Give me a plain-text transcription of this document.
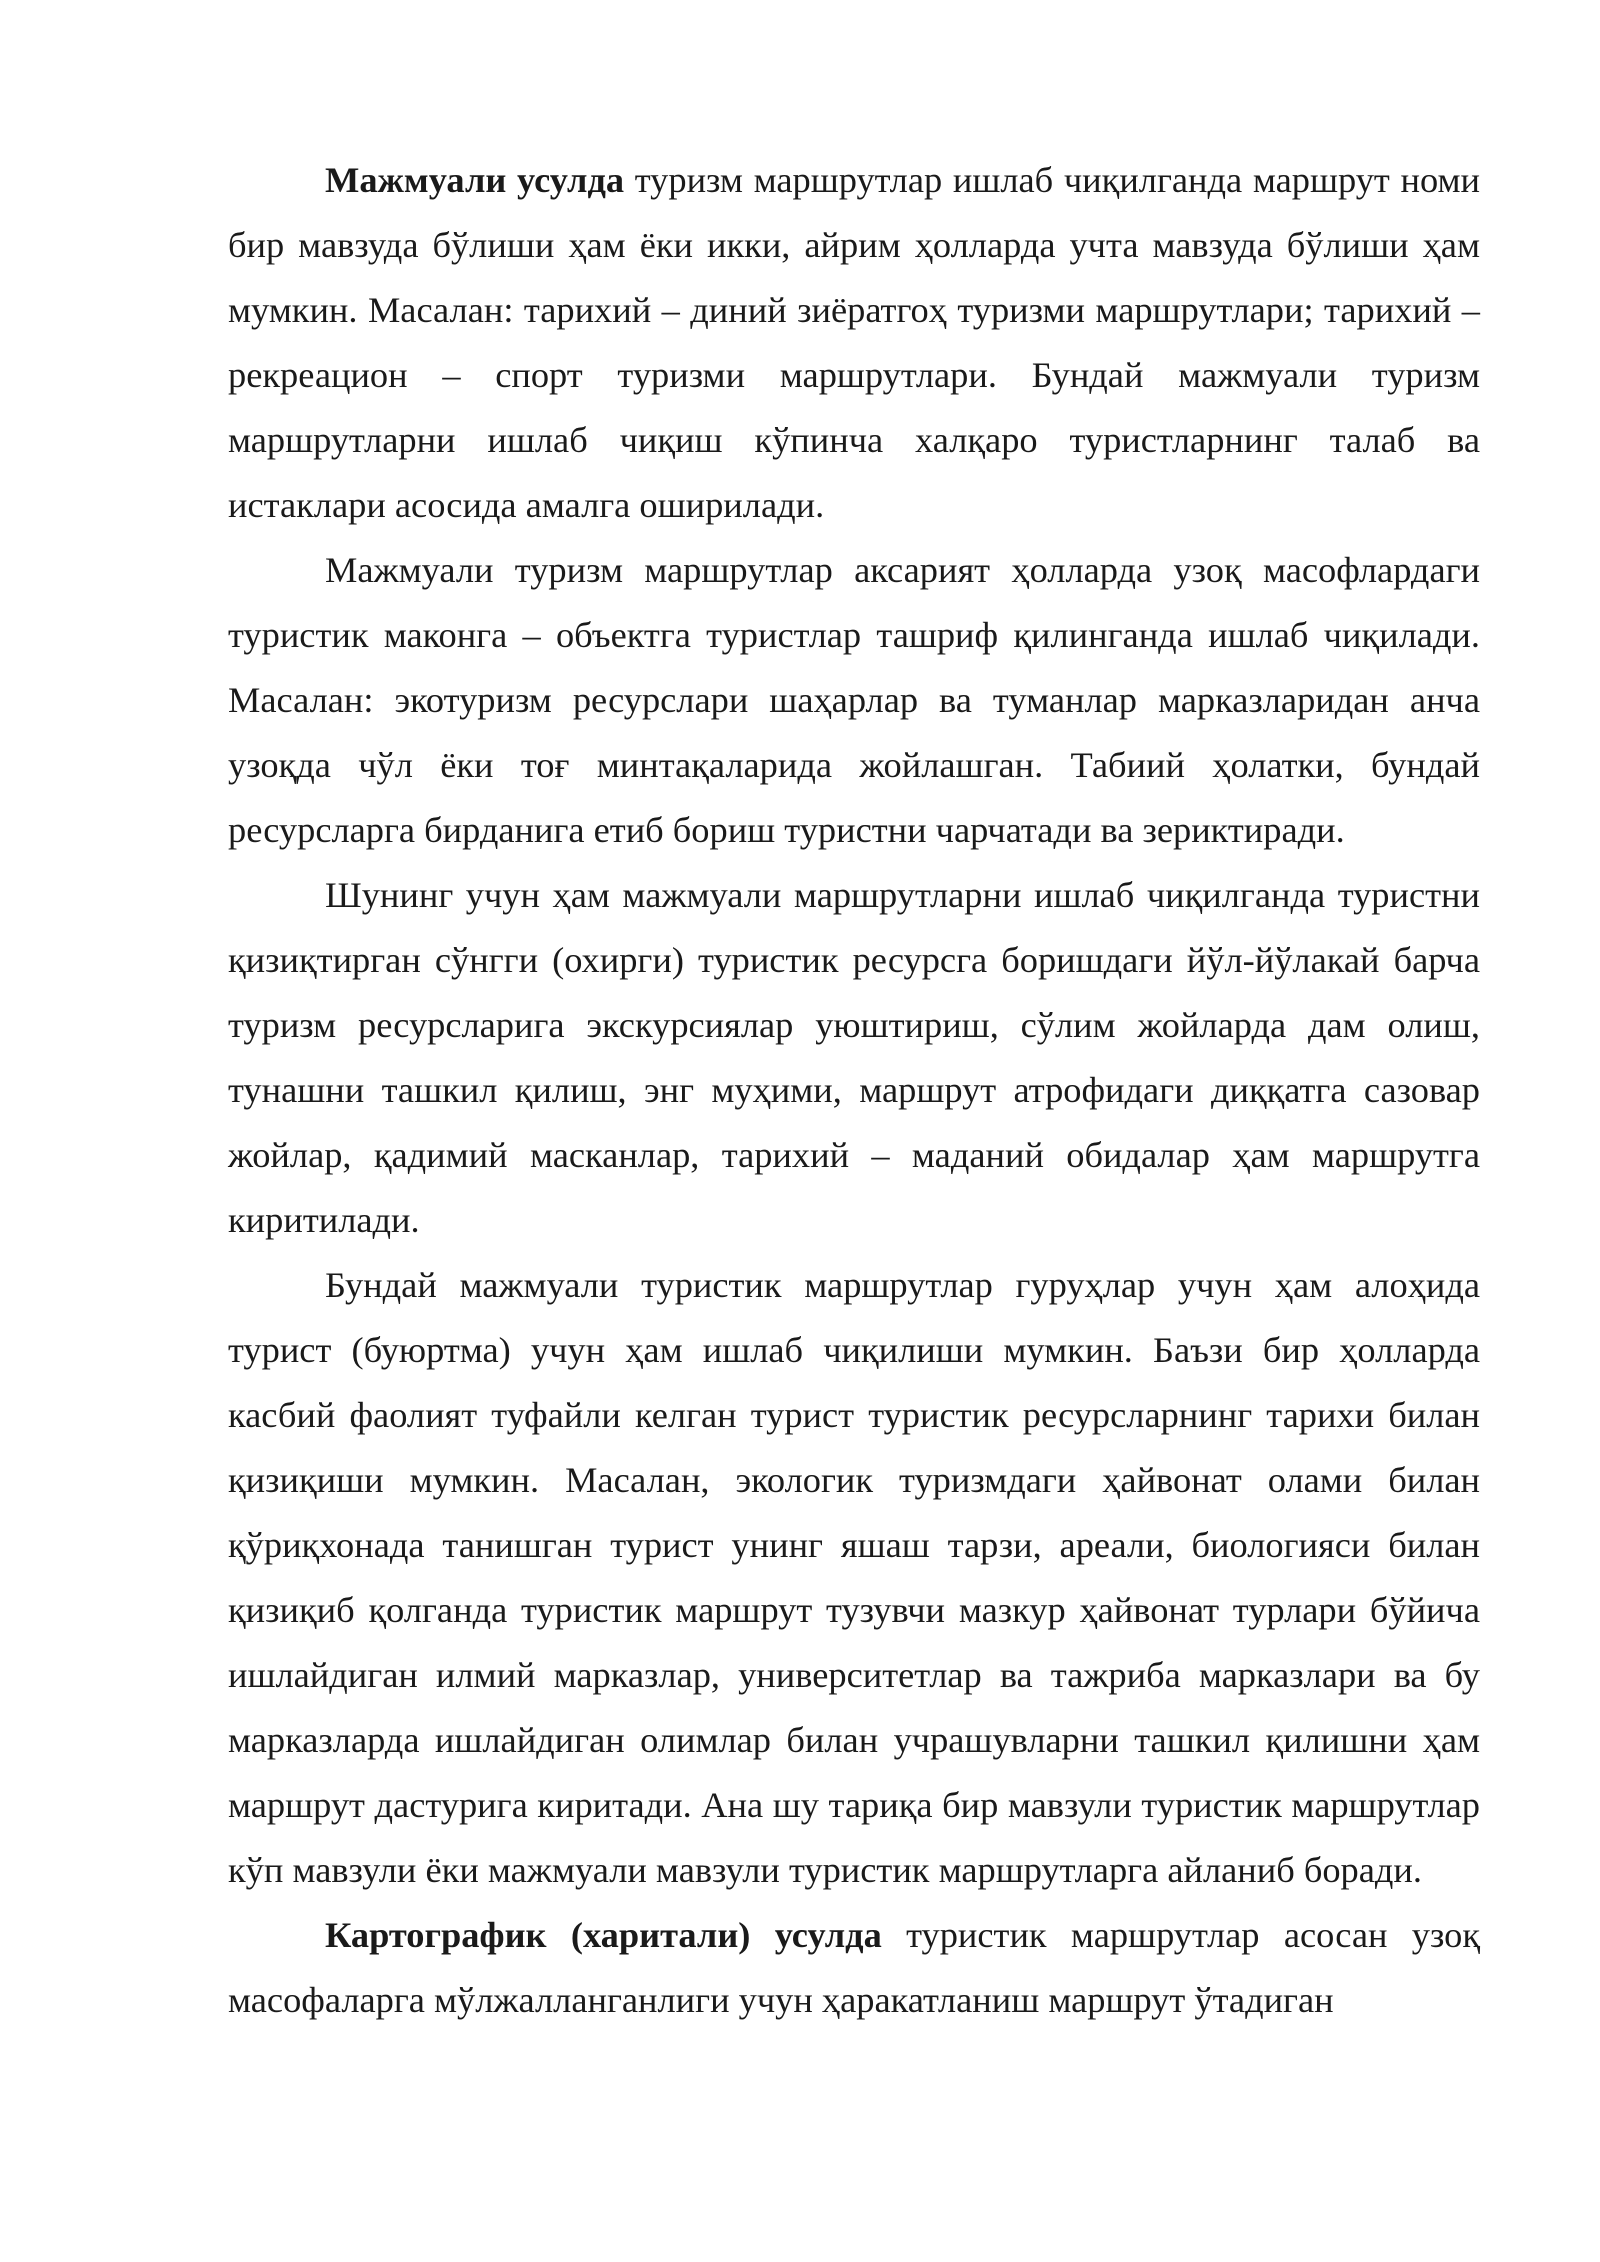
Мажмуали усулда туризм маршрутлар ишлаб чиқилганда маршрут номи бир мавзуда бўлиши ҳам ёки икки, айрим ҳолларда учта мавзуда бўлиши ҳам мумкин. Масалан: тарихий – диний зиёратгоҳ туризми маршрутлари; тарихий – рекреацион – спорт туризми маршрутлари. Бундай мажмуали туризм маршрутларни ишлаб чиқиш кўпинча халқаро туристларнинг талаб ва истаклари асосида амалга оширилади.

Мажмуали туризм маршрутлар аксарият ҳолларда узоқ масофлардаги туристик маконга – объектга туристлар ташриф қилинганда ишлаб чиқилади. Масалан: экотуризм ресурслари шаҳарлар ва туманлар марказларидан анча узоқда чўл ёки тоғ минтақаларида жойлашган. Табиий ҳолатки, бундай ресурсларга бирданига етиб бориш туристни чарчатади ва зериктиради.

Шунинг учун ҳам мажмуали маршрутларни ишлаб чиқилганда туристни қизиқтирган сўнгги (охирги) туристик ресурсга боришдаги йўл-йўлакай барча туризм ресурсларига экскурсиялар уюштириш, сўлим жойларда дам олиш, тунашни ташкил қилиш, энг муҳими, маршрут атрофидаги диққатга сазовар жойлар, қадимий масканлар, тарихий – маданий обидалар ҳам маршрутга киритилади.

Бундай мажмуали туристик маршрутлар гуруҳлар учун ҳам алоҳида турист (буюртма) учун ҳам ишлаб чиқилиши мумкин. Баъзи бир ҳолларда касбий фаолият туфайли келган турист туристик ресурсларнинг тарихи билан қизиқиши мумкин. Масалан, экологик туризмдаги ҳайвонат олами билан қўриқхонада танишган турист унинг яшаш тарзи, ареали, биологияси билан қизиқиб қолганда туристик маршрут тузувчи мазкур ҳайвонат турлари бўйича ишлайдиган илмий марказлар, университетлар ва тажриба марказлари ва бу марказларда ишлайдиган олимлар билан учрашувларни ташкил қилишни ҳам маршрут дастурига киритади. Ана шу тариқа бир мавзули туристик маршрутлар кўп мавзули ёки мажмуали мавзули туристик маршрутларга айланиб боради.

Картографик (харитали) усулда туристик маршрутлар асосан узоқ масофаларга мўлжалланганлиги учун ҳаракатланиш маршрут ўтадиган
